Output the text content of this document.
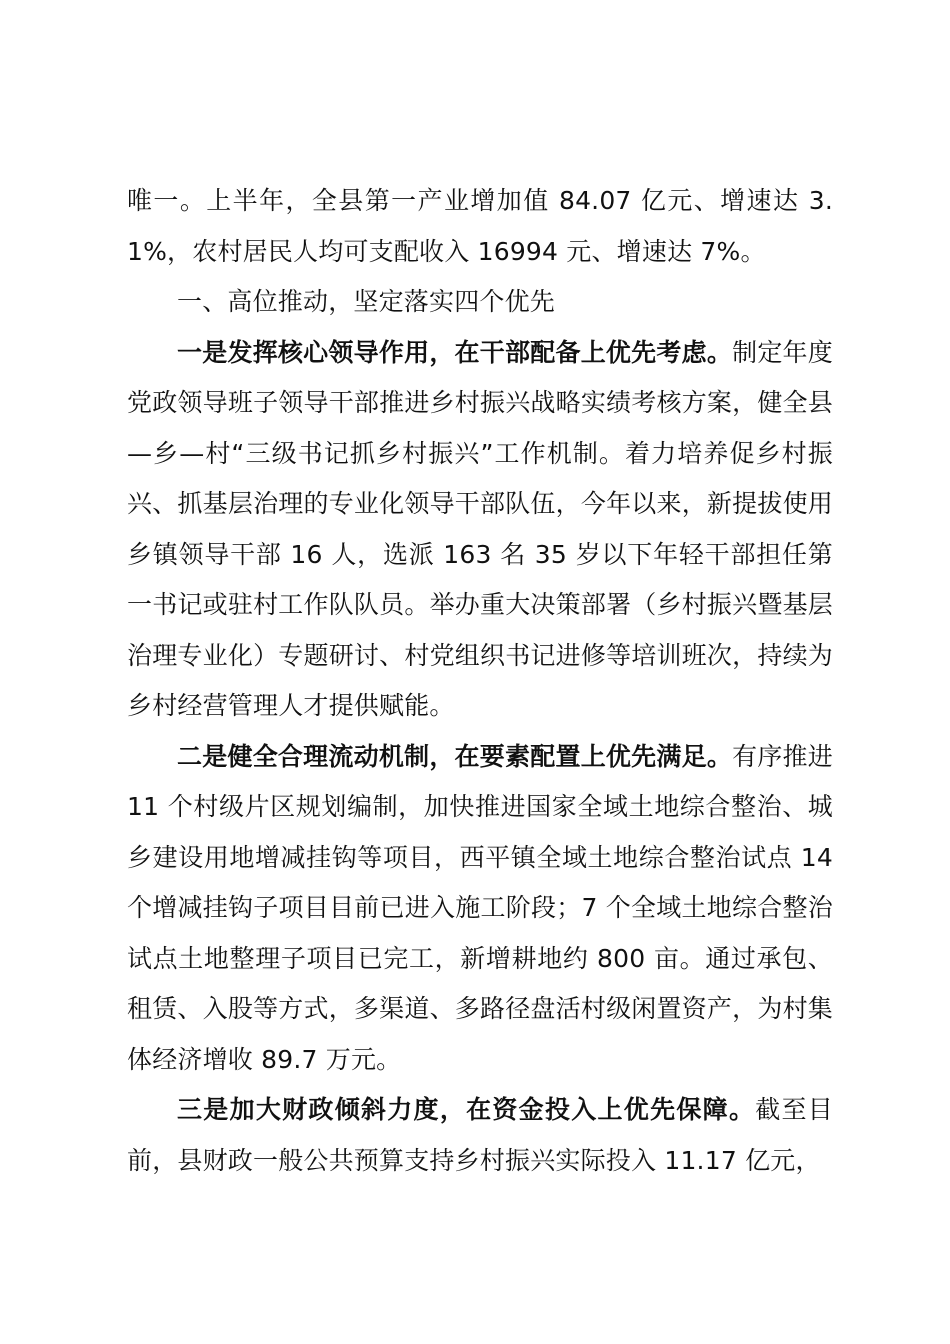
唯一。上半年，全县第一产业增加值 84.07 亿元、增速达 3.1%，农村居民人均可支配收入 16994 元、增速达 7%。

一、高位推动，坚定落实四个优先

一是发挥核心领导作用，在干部配备上优先考虑。制定年度党政领导班子领导干部推进乡村振兴战略实绩考核方案，健全县—乡—村“三级书记抓乡村振兴”工作机制。着力培养促乡村振兴、抓基层治理的专业化领导干部队伍，今年以来，新提拔使用乡镇领导干部 16 人，选派 163 名 35 岁以下年轻干部担任第一书记或驻村工作队队员。举办重大决策部署（乡村振兴暨基层治理专业化）专题研讨、村党组织书记进修等培训班次，持续为乡村经营管理人才提供赋能。

二是健全合理流动机制，在要素配置上优先满足。有序推进 11 个村级片区规划编制，加快推进国家全域土地综合整治、城乡建设用地增减挂钩等项目，西平镇全域土地综合整治试点 14 个增减挂钩子项目目前已进入施工阶段；7 个全域土地综合整治试点土地整理子项目已完工，新增耕地约 800 亩。通过承包、租赁、入股等方式，多渠道、多路径盘活村级闲置资产，为村集体经济增收 89.7 万元。

三是加大财政倾斜力度，在资金投入上优先保障。截至目前，县财政一般公共预算支持乡村振兴实际投入 11.17 亿元，
